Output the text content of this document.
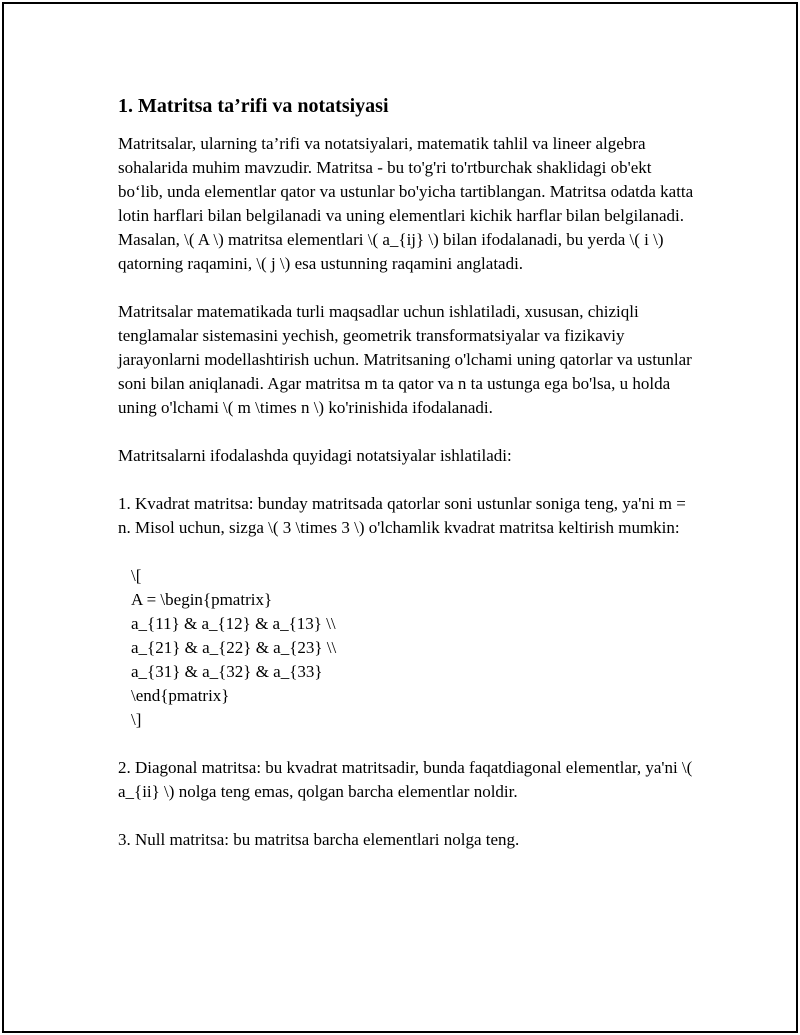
1. Matritsa ta’rifi va notatsiyasi

Matritsalar, ularning ta’rifi va notatsiyalari, matematik tahlil va lineer algebra sohalarida muhim mavzudir. Matritsa - bu to'g'ri to'rtburchak shaklidagi ob'ekt bo‘lib, unda elementlar qator va ustunlar bo'yicha tartiblangan. Matritsa odatda katta lotin harflari bilan belgilanadi va uning elementlari kichik harflar bilan belgilanadi. Masalan, \( A \) matritsa elementlari \( a_{ij} \) bilan ifodalanadi, bu yerda \( i \) qatorning raqamini, \( j \) esa ustunning raqamini anglatadi.

Matritsalar matematikada turli maqsadlar uchun ishlatiladi, xususan, chiziqli tenglamalar sistemasini yechish, geometrik transformatsiyalar va fizikaviy jarayonlarni modellashtirish uchun. Matritsaning o'lchami uning qatorlar va ustunlar soni bilan aniqlanadi. Agar matritsa m ta qator va n ta ustunga ega bo'lsa, u holda uning o'lchami \( m \times n \) ko'rinishida ifodalanadi.

Matritsalarni ifodalashda quyidagi notatsiyalar ishlatiladi:

1. Kvadrat matritsa: bunday matritsada qatorlar soni ustunlar soniga teng, ya'ni m = n. Misol uchun, sizga \( 3 \times 3 \) o'lchamlik kvadrat matritsa keltirish mumkin:

\[
A = \begin{pmatrix}
a_{11} & a_{12} & a_{13} \\
a_{21} & a_{22} & a_{23} \\
a_{31} & a_{32} & a_{33}
\end{pmatrix}
\]

2. Diagonal matritsa: bu kvadrat matritsadir, bunda faqatdiagonal elementlar, ya'ni \( a_{ii} \) nolga teng emas, qolgan barcha elementlar noldir.

3. Null matritsa: bu matritsa barcha elementlari nolga teng.
